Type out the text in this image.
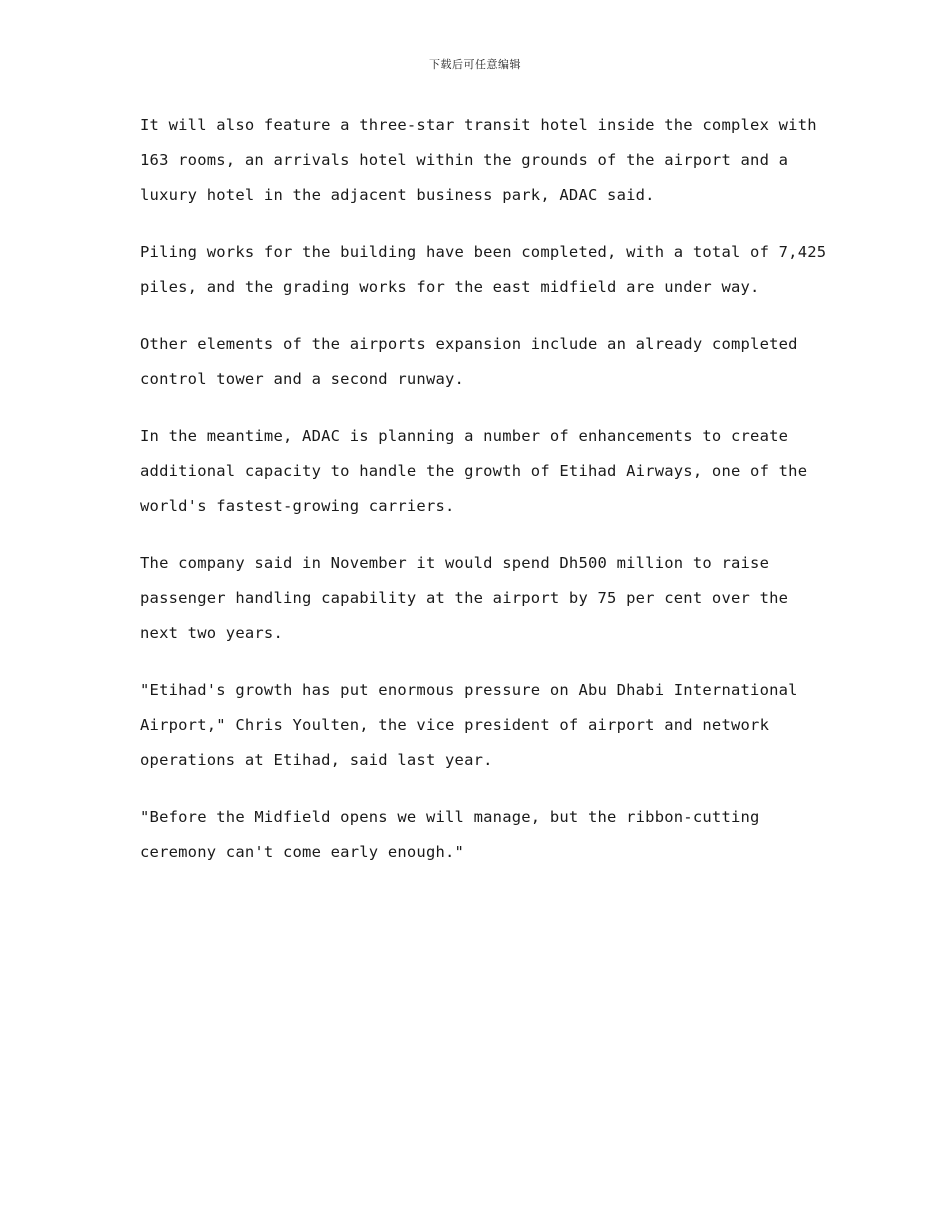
下载后可任意编辑

It will also feature a three-star transit hotel inside the complex with
163 rooms, an arrivals hotel within the grounds of the airport and a
luxury hotel in the adjacent business park, ADAC said.

Piling works for the building have been completed, with a total of 7,425
piles, and the grading works for the east midfield are under way.

Other elements of the airports expansion include an already completed
control tower and a second runway.

In the meantime, ADAC is planning a number of enhancements to create
additional capacity to handle the growth of Etihad Airways, one of the
world's fastest-growing carriers.

The company said in November it would spend Dh500 million to raise
passenger handling capability at the airport by 75 per cent over the
next two years.

"Etihad's growth has put enormous pressure on Abu Dhabi International
Airport," Chris Youlten, the vice president of airport and network
operations at Etihad, said last year.

"Before the Midfield opens we will manage, but the ribbon-cutting
ceremony can't come early enough."
